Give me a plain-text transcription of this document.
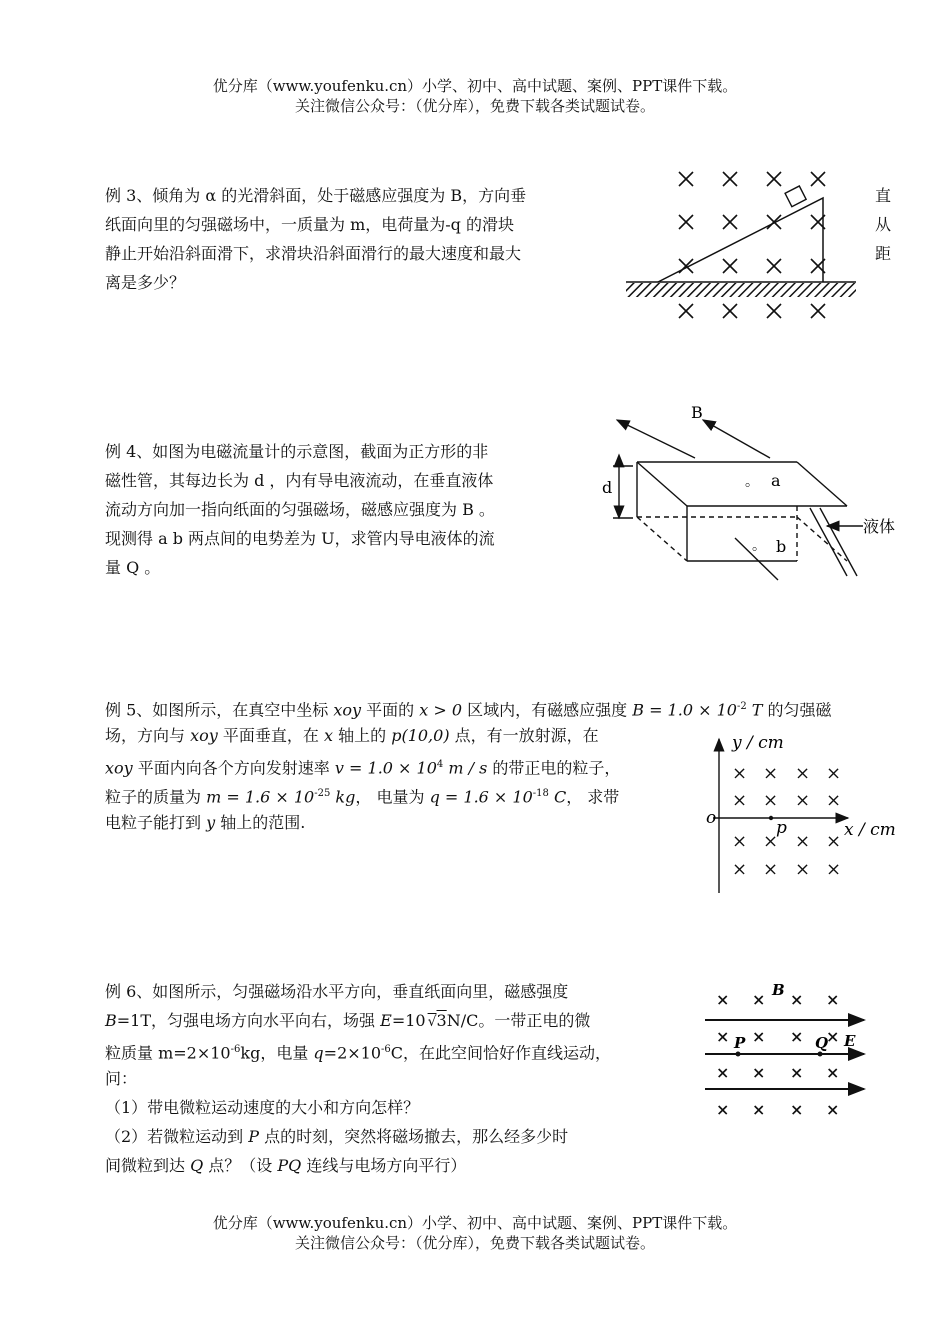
优分库（www.youfenku.cn）小学、初中、高中试题、案例、PPT课件下载。
关注微信公众号：（优分库），免费下载各类试题试卷。
例 3、倾角为 α 的光滑斜面，处于磁感应强度为 B，方向垂
纸面向里的匀强磁场中，一质量为 m，电荷量为-q 的滑块
静止开始沿斜面滑下，求滑块沿斜面滑行的最大速度和最大
离是多少？
直
从
距
例 4、如图为电磁流量计的示意图，截面为正方形的非
磁性管，其每边长为 d ，内有导电液流动，在垂直液体
流动方向加一指向纸面的匀强磁场，磁感应强度为 B 。
现测得 a b 两点间的电势差为 U，求管内导电液体的流
量 Q 。
B
d	。 a
。 b
液体
例 5、如图所示，在真空中坐标 xoy 平面的 x > 0 区域内，有磁感应强度 $B = 1.0 \times 10^{-2}$ T 的匀强磁
场，方向与 xoy 平面垂直，在 x 轴上的 p(10,0) 点，有一放射源，在
xoy 平面内向各个方向发射速率 $v = 1.0 \times 10^4$ m / s 的带正电的粒子，
粒子的质量为 $m = 1.6 \times 10^{-25}$ kg， 电量为 $q = 1.6 \times 10^{-18}$ C， 求带
电粒子能打到 y 轴上的范围.
y / cm
x / cm
o	p
× × × ×
× × × ×
× × × ×
× × × ×
例 6、如图所示，匀强磁场沿水平方向，垂直纸面向里，磁感强度
B=1T，匀强电场方向水平向右，场强 E=10 √3N/C。一带正电的微
粒质量 $m=2\times 10^{-6}kg$，电量 $q=2\times 10^{-6}C$，在此空间恰好作直线运动，
问：
（1）带电微粒运动速度的大小和方向怎样？
（2）若微粒运动到 P 点的时刻，突然将磁场撤去，那么经多少时
间微粒到达 Q 点？（设 PQ 连线与电场方向平行）
× × × ×
× × × ×
× × × ×
× × × ×
B
P	Q E
优分库（www.youfenku.cn）小学、初中、高中试题、案例、PPT课件下载。
关注微信公众号：（优分库），免费下载各类试题试卷。
